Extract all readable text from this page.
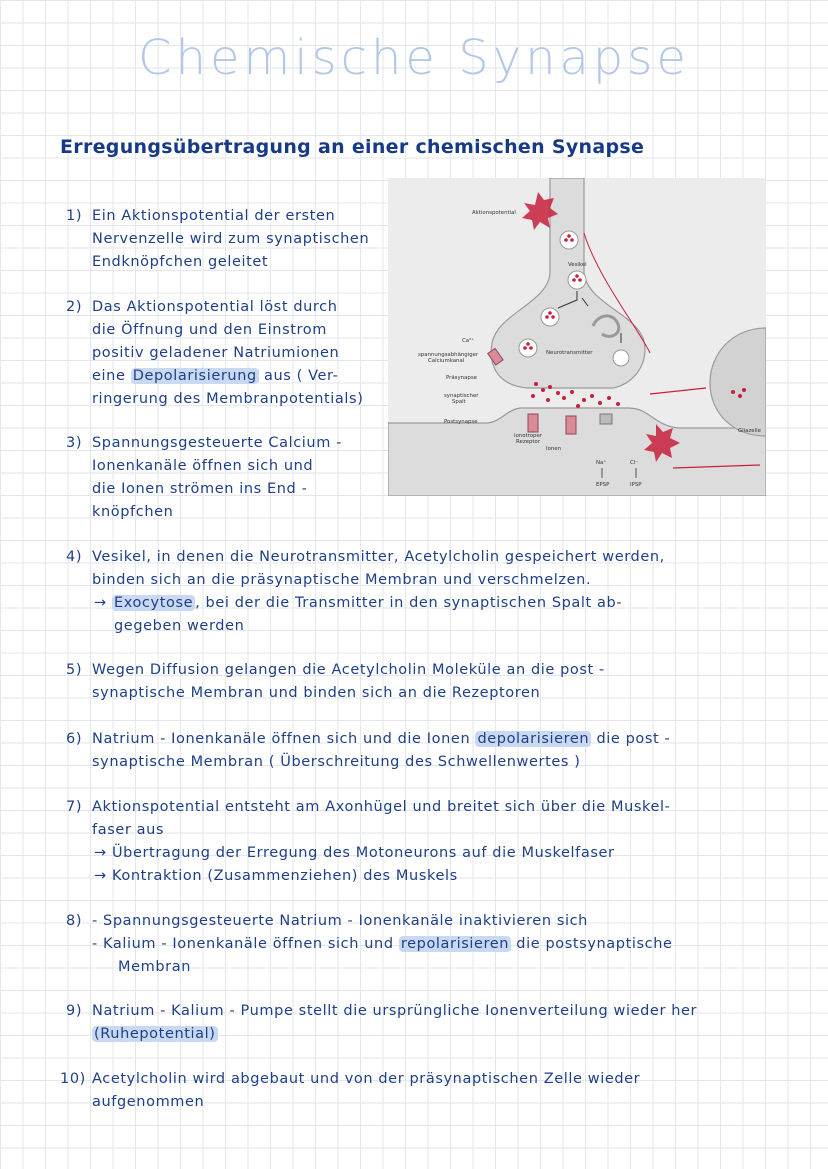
Chemische Synapse
Erregungsübertragung an einer chemischen Synapse
1) Ein Aktionspotential der ersten
Nervenzelle wird zum synaptischen
Endknöpfchen geleitet
2) Das Aktionspotential löst durch
die Öffnung und den Einstrom
positiv geladener Natriumionen
eine Depolarisierung aus ( Ver-
ringerung des Membranpotentials)
3) Spannungsgesteuerte Calcium -
Ionenkanäle öffnen sich und
die Ionen strömen ins End -
knöpfchen
Aktionspotential
Vesikel
Ca²⁺
spannungsabhängiger
Calciumkanal
Neurotransmitter
Präsynapse
synaptischer
Spalt
Postsynapse
ionotroper
Rezeptor
Ionen
Gliazelle
Na⁺	Cl⁻
EPSP	IPSP
4) Vesikel, in denen die Neurotransmitter, Acetylcholin gespeichert werden,
binden sich an die präsynaptische Membran und verschmelzen.
→ Exocytose , bei der die Transmitter in den synaptischen Spalt ab-
gegeben werden
5) Wegen Diffusion gelangen die Acetylcholin Moleküle an die post -
synaptische Membran und binden sich an die Rezeptoren
6) Natrium - Ionenkanäle öffnen sich und die Ionen depolarisieren die post -
synaptische Membran ( Überschreitung des Schwellenwertes )
7) Aktionspotential entsteht am Axonhügel und breitet sich über die Muskel-
faser aus
→ Übertragung der Erregung des Motoneurons auf die Muskelfaser
→ Kontraktion (Zusammenziehen) des Muskels
8) - Spannungsgesteuerte Natrium - Ionenkanäle inaktivieren sich
- Kalium - Ionenkanäle öffnen sich und repolarisieren die postsynaptische
Membran
9) Natrium - Kalium - Pumpe stellt die ursprüngliche Ionenverteilung wieder her
(Ruhepotential)
10) Acetylcholin wird abgebaut und von der präsynaptischen Zelle wieder
aufgenommen
